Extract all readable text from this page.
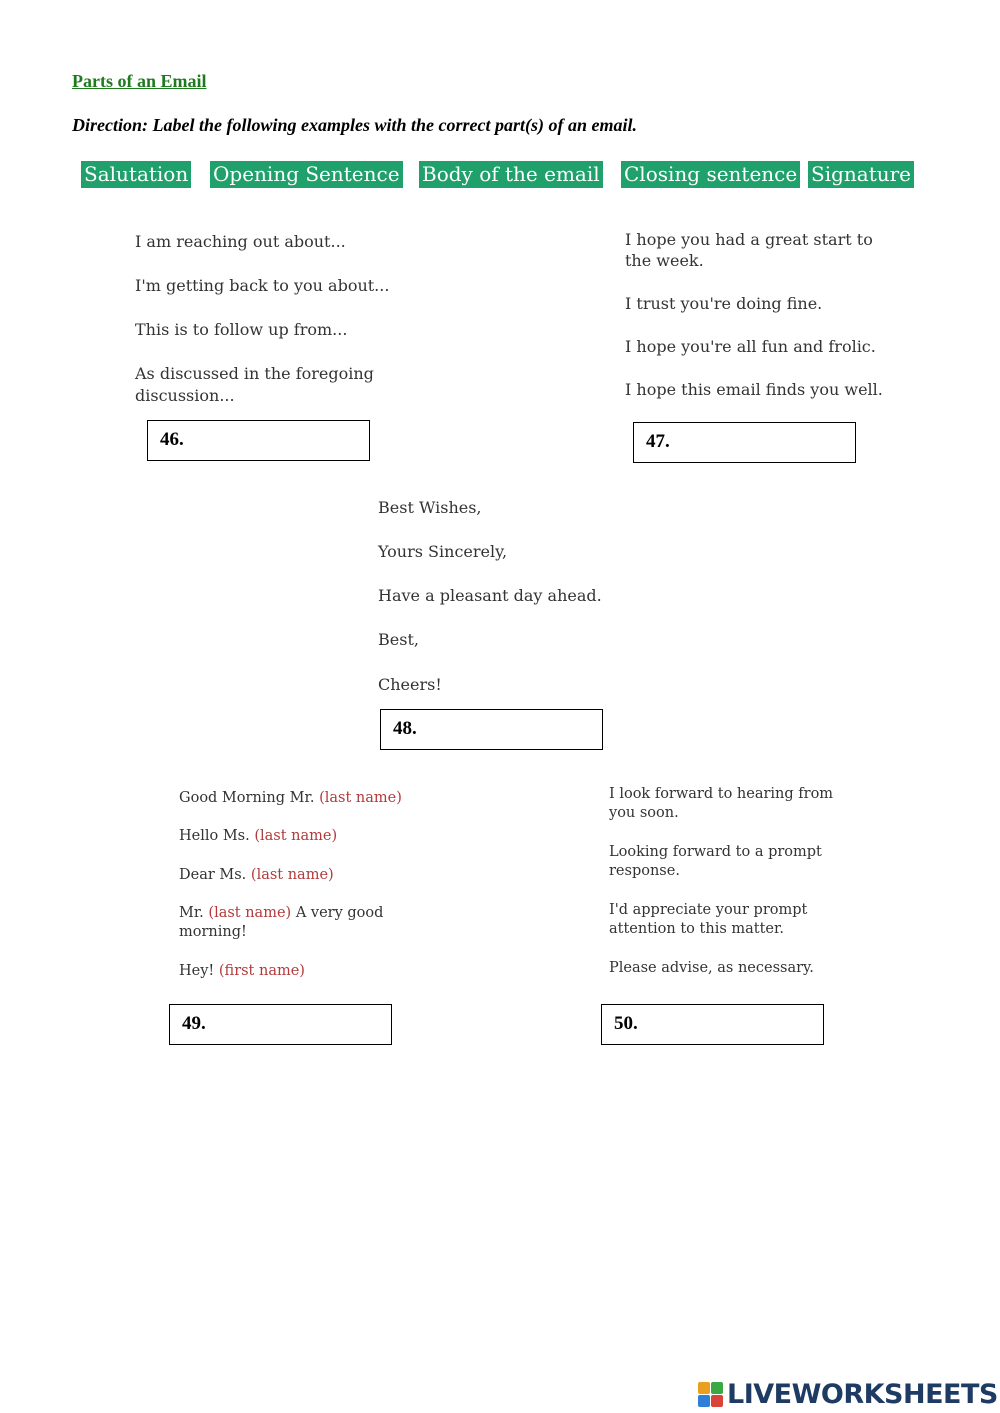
Parts of an Email
Direction: Label the following examples with the correct part(s) of an email.
Salutation Opening Sentence Body of the email Closing sentence Signature
I am reaching out about...
I'm getting back to you about...
This is to follow up from...
As discussed in the foregoing
discussion...
46.
I hope you had a great start to
the week.
I trust you're doing fine.
I hope you're all fun and frolic.
I hope this email finds you well.
47.
Best Wishes,
Yours Sincerely,
Have a pleasant day ahead.
Best,
Cheers!
48.
Good Morning Mr. (last name)
Hello Ms. (last name)
Dear Ms. (last name)
Mr. (last name) A very good
morning!
Hey! (first name)
49.
I look forward to hearing from
you soon.
Looking forward to a prompt
response.
I'd appreciate your prompt
attention to this matter.
Please advise, as necessary.
50.
LIVEWORKSHEETS
